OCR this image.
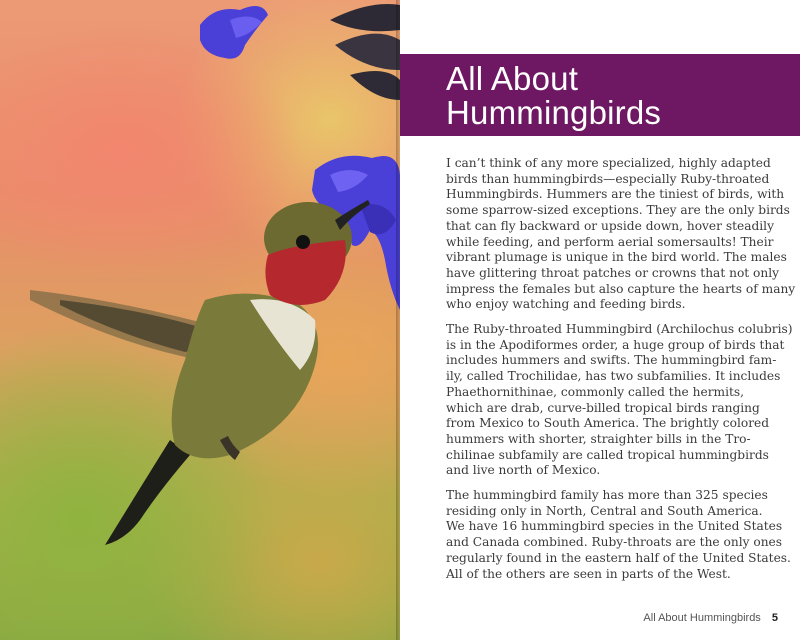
All About
Hummingbirds

I can’t think of any more specialized, highly adapted
birds than hummingbirds—especially Ruby-throated
Hummingbirds. Hummers are the tiniest of birds, with
some sparrow-sized exceptions. They are the only birds
that can fly backward or upside down, hover steadily
while feeding, and perform aerial somersaults! Their
vibrant plumage is unique in the bird world. The males
have glittering throat patches or crowns that not only
impress the females but also capture the hearts of many
who enjoy watching and feeding birds.

The Ruby-throated Hummingbird (Archilochus colubris)
is in the Apodiformes order, a huge group of birds that
includes hummers and swifts. The hummingbird fam-
ily, called Trochilidae, has two subfamilies. It includes
Phaethornithinae, commonly called the hermits,
which are drab, curve-billed tropical birds ranging
from Mexico to South America. The brightly colored
hummers with shorter, straighter bills in the Tro-
chilinae subfamily are called tropical hummingbirds
and live north of Mexico.

The hummingbird family has more than 325 species
residing only in North, Central and South America.
We have 16 hummingbird species in the United States
and Canada combined. Ruby-throats are the only ones
regularly found in the eastern half of the United States.
All of the others are seen in parts of the West.

All About Hummingbirds 5
